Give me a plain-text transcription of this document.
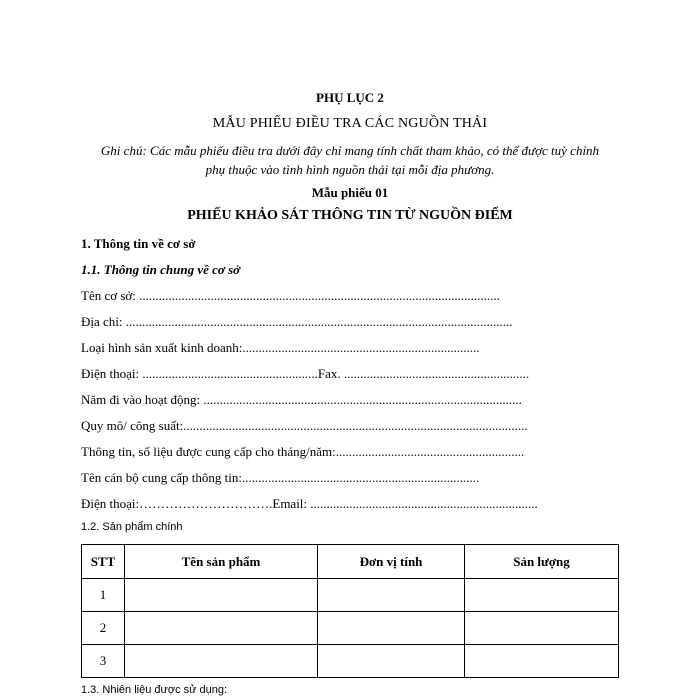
PHỤ LỤC 2
MẪU PHIẾU ĐIỀU TRA CÁC NGUỒN THẢI
Ghi chú: Các mẫu phiếu điều tra dưới đây chỉ mang tính chất tham khảo, có thể được tuỳ chỉnh
phụ thuộc vào tình hình nguồn thải tại mỗi địa phương.
Mẫu phiếu 01
PHIẾU KHẢO SÁT THÔNG TIN TỪ NGUỒN ĐIỂM
1. Thông tin về cơ sở
1.1. Thông tin chung về cơ sở
Tên cơ sở: ...............................................................................................................
Địa chỉ: .......................................................................................................................
Loại hình sản xuất kinh doanh:.........................................................................
Điện thoại: ......................................................Fax. .........................................................
Năm đi vào hoạt động: ..................................................................................................
Quy mô/ công suất:..........................................................................................................
Thông tin, số liệu được cung cấp cho tháng/năm:..........................................................
Tên cán bộ cung cấp thông tin:.........................................................................
Điện thoại:………………………….Email: ......................................................................
1.2. Sản phẩm chính
STT	Tên sản phẩm	Đơn vị tính	Sản lượng
1			
2			
3			
1.3. Nhiên liệu được sử dụng:
